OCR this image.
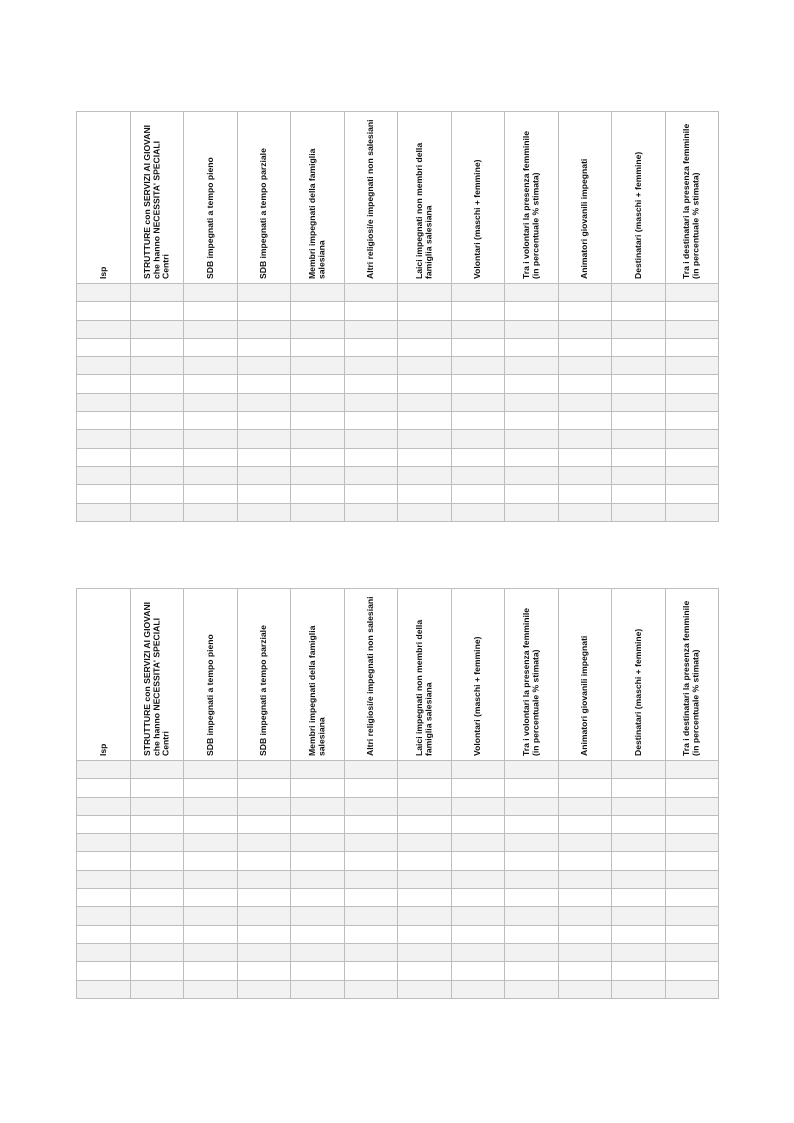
Isp	STRUTTURE con SERVIZI AI GIOVANI che hanno NECESSITA' SPECIALI Centri	SDB impegnati a tempo pieno	SDB impegnati a tempo parziale	Membri impegnati della famiglia salesiana	Altri religiosi/e impegnati non salesiani	Laici impegnati non membri della famiglia salesiana	Volontari (maschi + femmine)	Tra i volontari la presenza femminile (in percentuale % stimata)	Animatori giovanili impegnati	Destinatari (maschi + femmine)	Tra i destinatari la presenza femminile (in percentuale % stimata)

Isp	STRUTTURE con SERVIZI AI GIOVANI che hanno NECESSITA' SPECIALI Centri	SDB impegnati a tempo pieno	SDB impegnati a tempo parziale	Membri impegnati della famiglia salesiana	Altri religiosi/e impegnati non salesiani	Laici impegnati non membri della famiglia salesiana	Volontari (maschi + femmine)	Tra i volontari la presenza femminile (in percentuale % stimata)	Animatori giovanili impegnati	Destinatari (maschi + femmine)	Tra i destinatari la presenza femminile (in percentuale % stimata)
